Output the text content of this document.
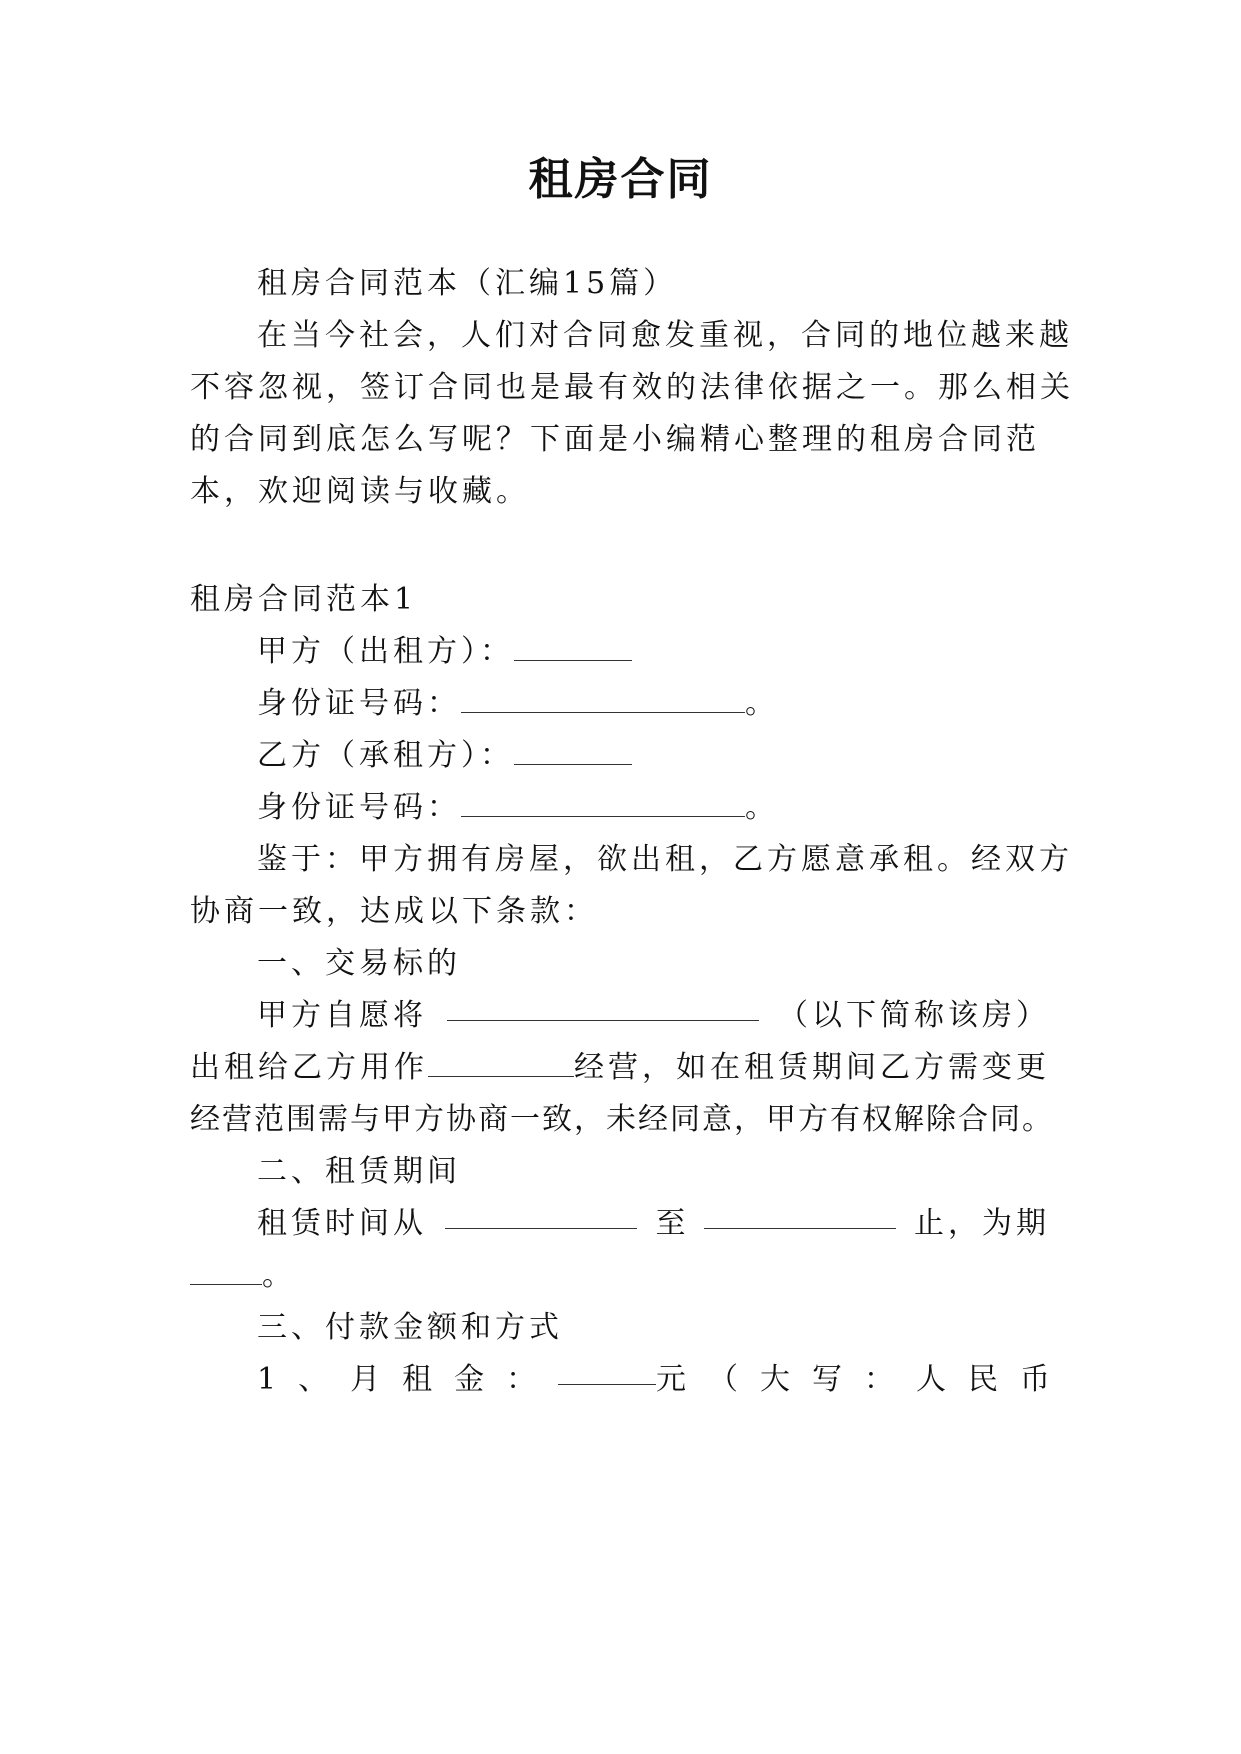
租房合同
租房合同范本（汇编15篇）
在当今社会，人们对合同愈发重视，合同的地位越来越
不容忽视，签订合同也是最有效的法律依据之一。那么相关
的合同到底怎么写呢？下面是小编精心整理的租房合同范
本，欢迎阅读与收藏。
租房合同范本1
甲方（出租方）：
身份证号码：	。
乙方（承租方）：
身份证号码：	。
鉴于：甲方拥有房屋，欲出租，乙方愿意承租。经双方
协商一致，达成以下条款：
一、交易标的
甲方自愿将	（以下简称该房）
出租给乙方用作	经营，如在租赁期间乙方需变更
经营范围需与甲方协商一致，未经同意，甲方有权解除合同。
二、租赁期间
租赁时间从	至	止，为期
。
三、付款金额和方式
1、月租金：	元（大写：人民币
